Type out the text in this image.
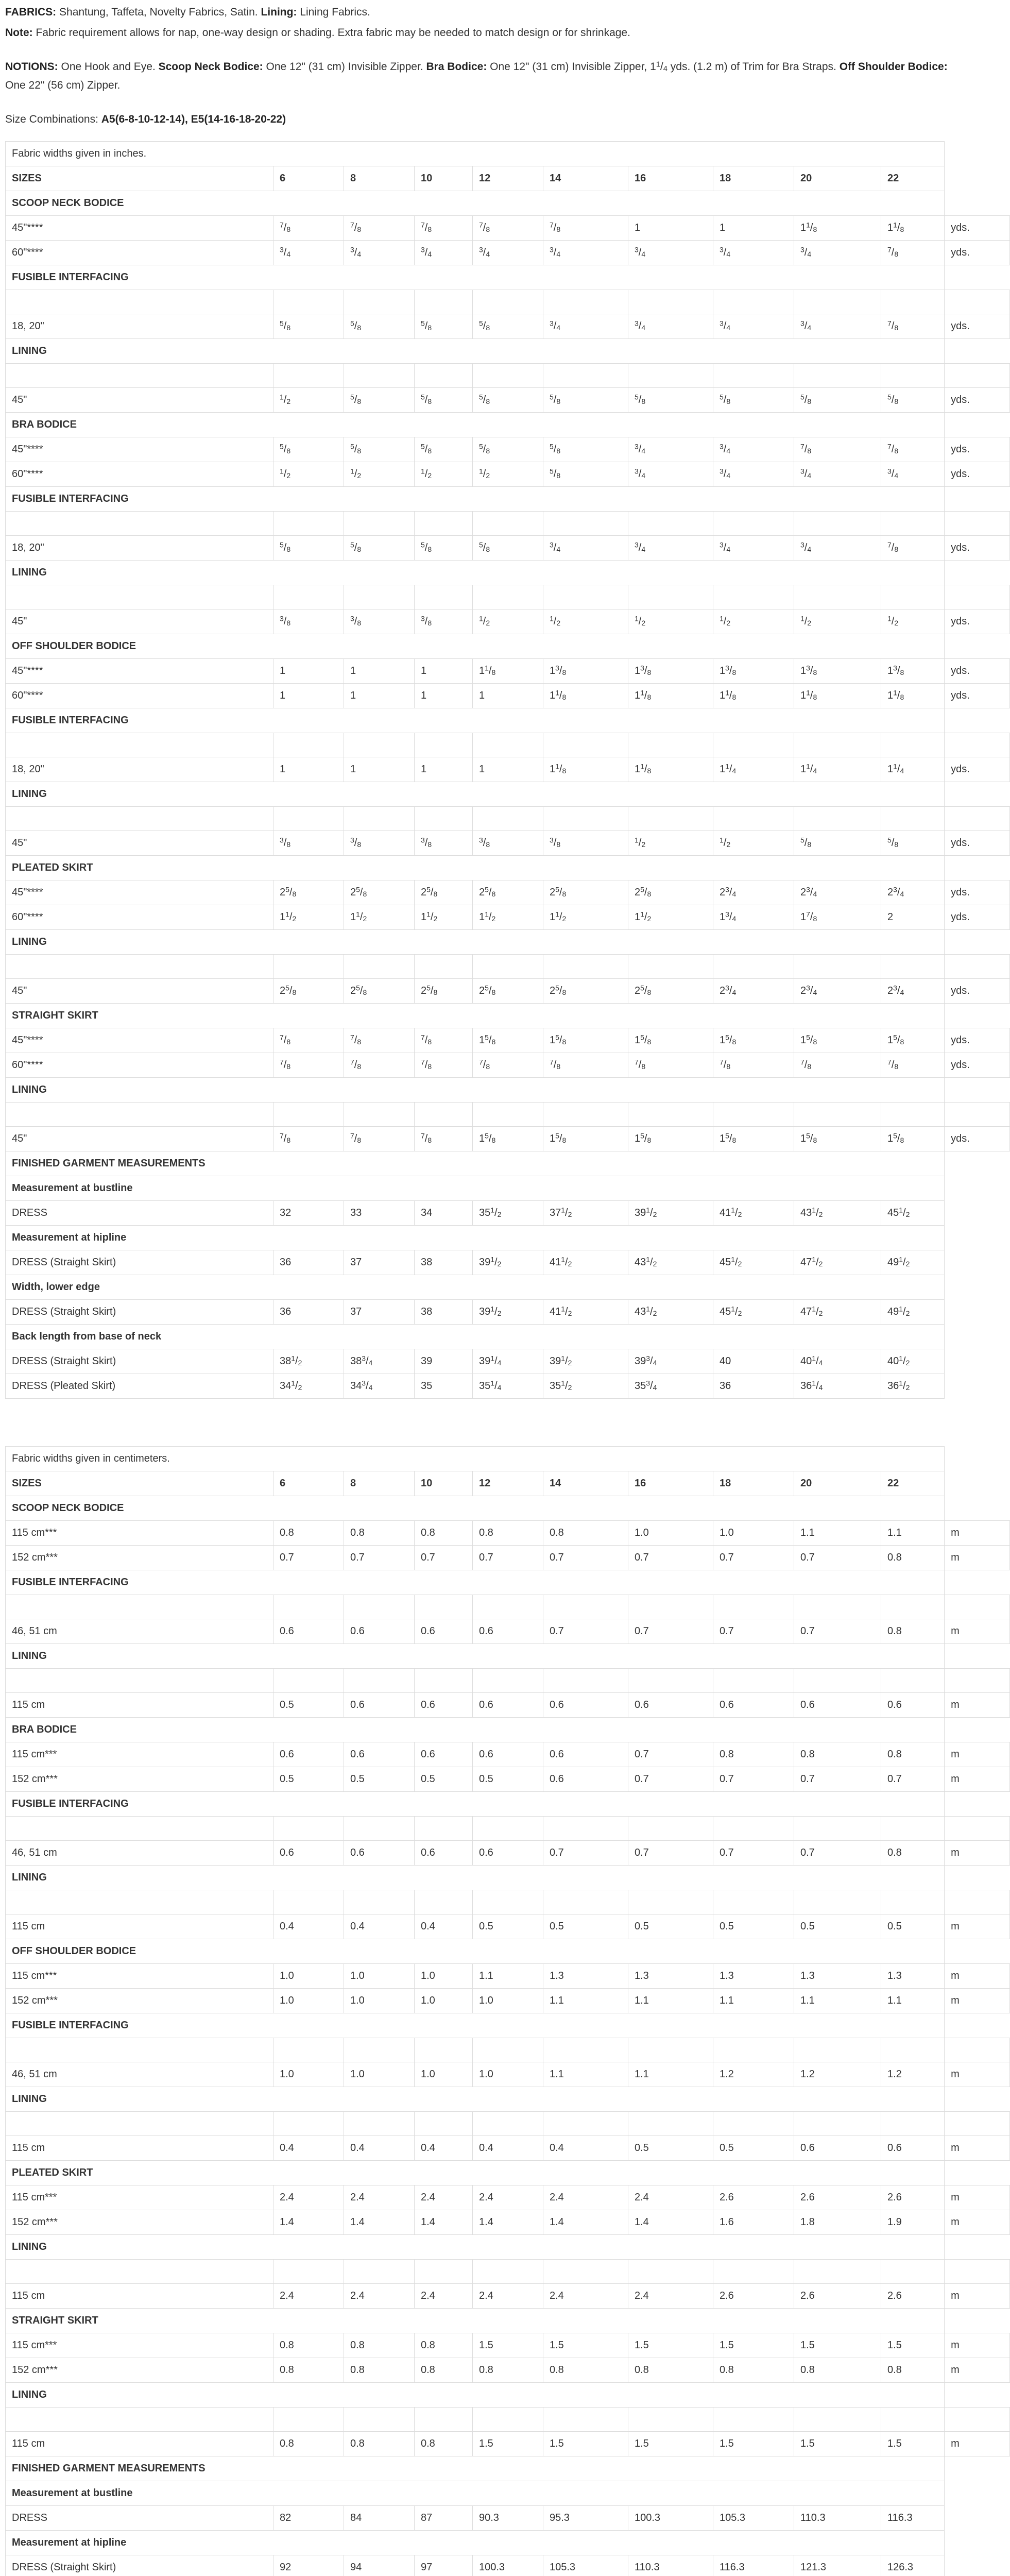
FABRICS: Shantung, Taffeta, Novelty Fabrics, Satin. Lining: Lining Fabrics.

Note: Fabric requirement allows for nap, one-way design or shading. Extra fabric may be needed to match design or for shrinkage.

NOTIONS: One Hook and Eye. Scoop Neck Bodice: One 12" (31 cm) Invisible Zipper. Bra Bodice: One 12" (31 cm) Invisible Zipper, $1^1/_4$ yds. (1.2 m) of Trim for Bra Straps. Off Shoulder Bodice: One 22" (56 cm) Zipper.

Size Combinations: A5(6-8-10-12-14), E5(14-16-18-20-22)

Fabric widths given in inches.										
SIZES	6	8	10	12	14	16	18	20	22	
SCOOP NECK BODICE										
45"****	$^7/_8$	$^7/_8$	$^7/_8$	$^7/_8$	$^7/_8$	1	1	$1^1/_8$	$1^1/_8$	yds.
60"****	$^3/_4$	$^3/_4$	$^3/_4$	$^3/_4$	$^3/_4$	$^3/_4$	$^3/_4$	$^3/_4$	$^7/_8$	yds.
FUSIBLE INTERFACING										

18, 20"	$^5/_8$	$^5/_8$	$^5/_8$	$^5/_8$	$^3/_4$	$^3/_4$	$^3/_4$	$^3/_4$	$^7/_8$	yds.
LINING										

45"	$^1/_2$	$^5/_8$	$^5/_8$	$^5/_8$	$^5/_8$	$^5/_8$	$^5/_8$	$^5/_8$	$^5/_8$	yds.
BRA BODICE										
45"****	$^5/_8$	$^5/_8$	$^5/_8$	$^5/_8$	$^5/_8$	$^3/_4$	$^3/_4$	$^7/_8$	$^7/_8$	yds.
60"****	$^1/_2$	$^1/_2$	$^1/_2$	$^1/_2$	$^5/_8$	$^3/_4$	$^3/_4$	$^3/_4$	$^3/_4$	yds.
FUSIBLE INTERFACING										

18, 20"	$^5/_8$	$^5/_8$	$^5/_8$	$^5/_8$	$^3/_4$	$^3/_4$	$^3/_4$	$^3/_4$	$^7/_8$	yds.
LINING										

45"	$^3/_8$	$^3/_8$	$^3/_8$	$^1/_2$	$^1/_2$	$^1/_2$	$^1/_2$	$^1/_2$	$^1/_2$	yds.
OFF SHOULDER BODICE										
45"****	1	1	1	$1^1/_8$	$1^3/_8$	$1^3/_8$	$1^3/_8$	$1^3/_8$	$1^3/_8$	yds.
60"****	1	1	1	1	$1^1/_8$	$1^1/_8$	$1^1/_8$	$1^1/_8$	$1^1/_8$	yds.
FUSIBLE INTERFACING										

18, 20"	1	1	1	1	$1^1/_8$	$1^1/_8$	$1^1/_4$	$1^1/_4$	$1^1/_4$	yds.
LINING										

45"	$^3/_8$	$^3/_8$	$^3/_8$	$^3/_8$	$^3/_8$	$^1/_2$	$^1/_2$	$^5/_8$	$^5/_8$	yds.
PLEATED SKIRT										
45"****	$2^5/_8$	$2^5/_8$	$2^5/_8$	$2^5/_8$	$2^5/_8$	$2^5/_8$	$2^3/_4$	$2^3/_4$	$2^3/_4$	yds.
60"****	$1^1/_2$	$1^1/_2$	$1^1/_2$	$1^1/_2$	$1^1/_2$	$1^1/_2$	$1^3/_4$	$1^7/_8$	2	yds.
LINING										

45"	$2^5/_8$	$2^5/_8$	$2^5/_8$	$2^5/_8$	$2^5/_8$	$2^5/_8$	$2^3/_4$	$2^3/_4$	$2^3/_4$	yds.
STRAIGHT SKIRT										
45"****	$^7/_8$	$^7/_8$	$^7/_8$	$1^5/_8$	$1^5/_8$	$1^5/_8$	$1^5/_8$	$1^5/_8$	$1^5/_8$	yds.
60"****	$^7/_8$	$^7/_8$	$^7/_8$	$^7/_8$	$^7/_8$	$^7/_8$	$^7/_8$	$^7/_8$	$^7/_8$	yds.
LINING										

45"	$^7/_8$	$^7/_8$	$^7/_8$	$1^5/_8$	$1^5/_8$	$1^5/_8$	$1^5/_8$	$1^5/_8$	$1^5/_8$	yds.
FINISHED GARMENT MEASUREMENTS										
Measurement at bustline										
DRESS	32	33	34	$35^1/_2$	$37^1/_2$	$39^1/_2$	$41^1/_2$	$43^1/_2$	$45^1/_2$	
Measurement at hipline										
DRESS (Straight Skirt)	36	37	38	$39^1/_2$	$41^1/_2$	$43^1/_2$	$45^1/_2$	$47^1/_2$	$49^1/_2$	
Width, lower edge										
DRESS (Straight Skirt)	36	37	38	$39^1/_2$	$41^1/_2$	$43^1/_2$	$45^1/_2$	$47^1/_2$	$49^1/_2$	
Back length from base of neck										
DRESS (Straight Skirt)	$38^1/_2$	$38^3/_4$	39	$39^1/_4$	$39^1/_2$	$39^3/_4$	40	$40^1/_4$	$40^1/_2$	
DRESS (Pleated Skirt)	$34^1/_2$	$34^3/_4$	35	$35^1/_4$	$35^1/_2$	$35^3/_4$	36	$36^1/_4$	$36^1/_2$	
Fabric widths given in centimeters.										
SIZES	6	8	10	12	14	16	18	20	22	
SCOOP NECK BODICE										
115 cm***	0.8	0.8	0.8	0.8	0.8	1.0	1.0	1.1	1.1	m
152 cm***	0.7	0.7	0.7	0.7	0.7	0.7	0.7	0.7	0.8	m
FUSIBLE INTERFACING										

46, 51 cm	0.6	0.6	0.6	0.6	0.7	0.7	0.7	0.7	0.8	m
LINING										

115 cm	0.5	0.6	0.6	0.6	0.6	0.6	0.6	0.6	0.6	m
BRA BODICE										
115 cm***	0.6	0.6	0.6	0.6	0.6	0.7	0.8	0.8	0.8	m
152 cm***	0.5	0.5	0.5	0.5	0.6	0.7	0.7	0.7	0.7	m
FUSIBLE INTERFACING										

46, 51 cm	0.6	0.6	0.6	0.6	0.7	0.7	0.7	0.7	0.8	m
LINING										

115 cm	0.4	0.4	0.4	0.5	0.5	0.5	0.5	0.5	0.5	m
OFF SHOULDER BODICE										
115 cm***	1.0	1.0	1.0	1.1	1.3	1.3	1.3	1.3	1.3	m
152 cm***	1.0	1.0	1.0	1.0	1.1	1.1	1.1	1.1	1.1	m
FUSIBLE INTERFACING										

46, 51 cm	1.0	1.0	1.0	1.0	1.1	1.1	1.2	1.2	1.2	m
LINING										

115 cm	0.4	0.4	0.4	0.4	0.4	0.5	0.5	0.6	0.6	m
PLEATED SKIRT										
115 cm***	2.4	2.4	2.4	2.4	2.4	2.4	2.6	2.6	2.6	m
152 cm***	1.4	1.4	1.4	1.4	1.4	1.4	1.6	1.8	1.9	m
LINING										

115 cm	2.4	2.4	2.4	2.4	2.4	2.4	2.6	2.6	2.6	m
STRAIGHT SKIRT										
115 cm***	0.8	0.8	0.8	1.5	1.5	1.5	1.5	1.5	1.5	m
152 cm***	0.8	0.8	0.8	0.8	0.8	0.8	0.8	0.8	0.8	m
LINING										

115 cm	0.8	0.8	0.8	1.5	1.5	1.5	1.5	1.5	1.5	m
FINISHED GARMENT MEASUREMENTS										
Measurement at bustline										
DRESS	82	84	87	90.3	95.3	100.3	105.3	110.3	116.3	
Measurement at hipline										
DRESS (Straight Skirt)	92	94	97	100.3	105.3	110.3	116.3	121.3	126.3	
